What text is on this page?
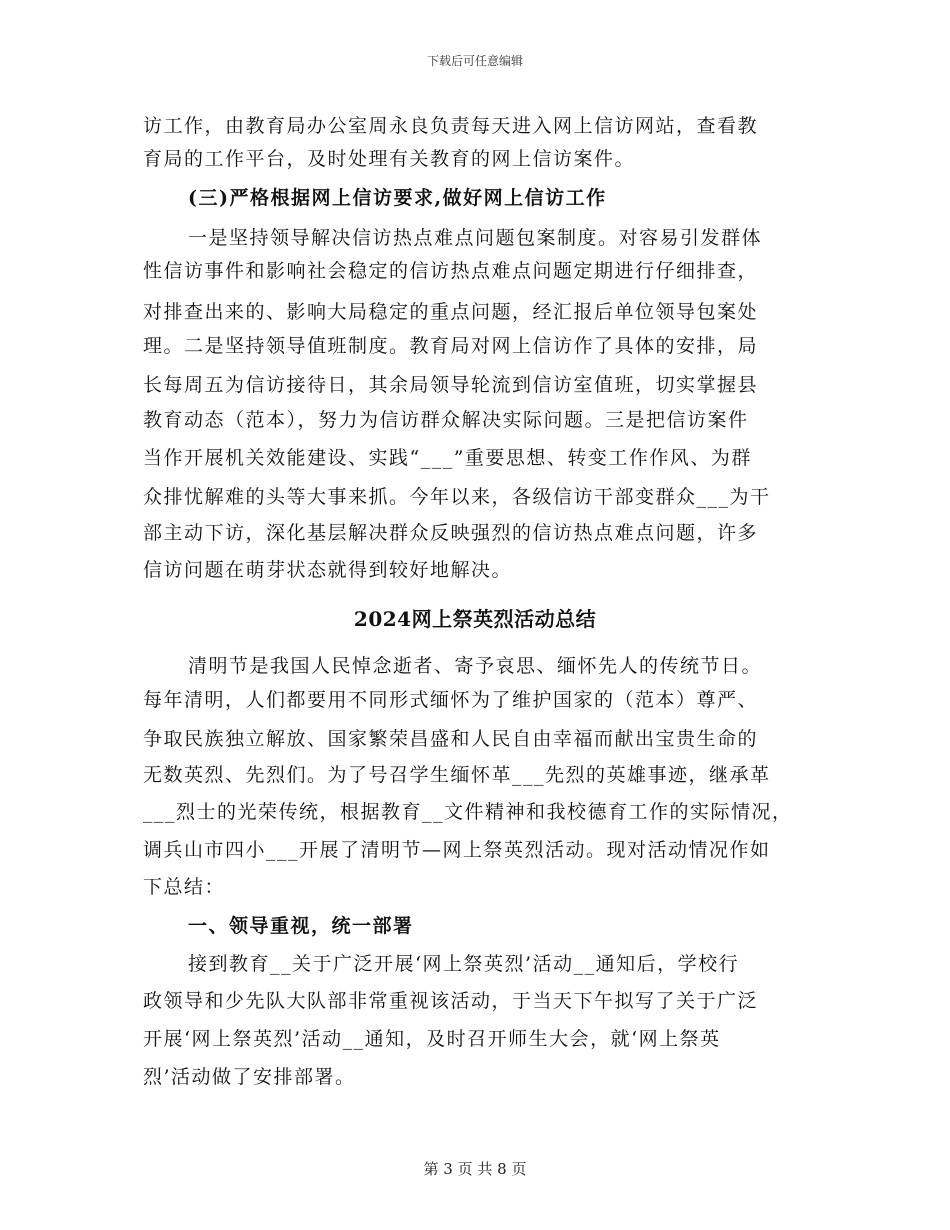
下载后可任意编辑
访工作，由教育局办公室周永良负责每天进入网上信访网站，查看教
育局的工作平台，及时处理有关教育的网上信访案件。
(三)严格根据网上信访要求,做好网上信访工作
一是坚持领导解决信访热点难点问题包案制度。对容易引发群体
性信访事件和影响社会稳定的信访热点难点问题定期进行仔细排查，
对排查出来的、影响大局稳定的重点问题，经汇报后单位领导包案处
理。二是坚持领导值班制度。教育局对网上信访作了具体的安排，局
长每周五为信访接待日，其余局领导轮流到信访室值班，切实掌握县
教育动态（范本），努力为信访群众解决实际问题。三是把信访案件
当作开展机关效能建设、实践“___”重要思想、转变工作作风、为群
众排忧解难的头等大事来抓。今年以来，各级信访干部变群众___为干
部主动下访，深化基层解决群众反映强烈的信访热点难点问题，许多
信访问题在萌芽状态就得到较好地解决。
2024网上祭英烈活动总结
清明节是我国人民悼念逝者、寄予哀思、缅怀先人的传统节日。
每年清明，人们都要用不同形式缅怀为了维护国家的（范本）尊严、
争取民族独立解放、国家繁荣昌盛和人民自由幸福而献出宝贵生命的
无数英烈、先烈们。为了号召学生缅怀革___先烈的英雄事迹，继承革
___烈士的光荣传统，根据教育__文件精神和我校德育工作的实际情况，
调兵山市四小___开展了清明节—网上祭英烈活动。现对活动情况作如
下总结：
一、领导重视，统一部署
接到教育__关于广泛开展‘网上祭英烈’活动__通知后，学校行
政领导和少先队大队部非常重视该活动，于当天下午拟写了关于广泛
开展‘网上祭英烈’活动__通知，及时召开师生大会，就‘网上祭英
烈’活动做了安排部署。
第 3 页 共 8 页
